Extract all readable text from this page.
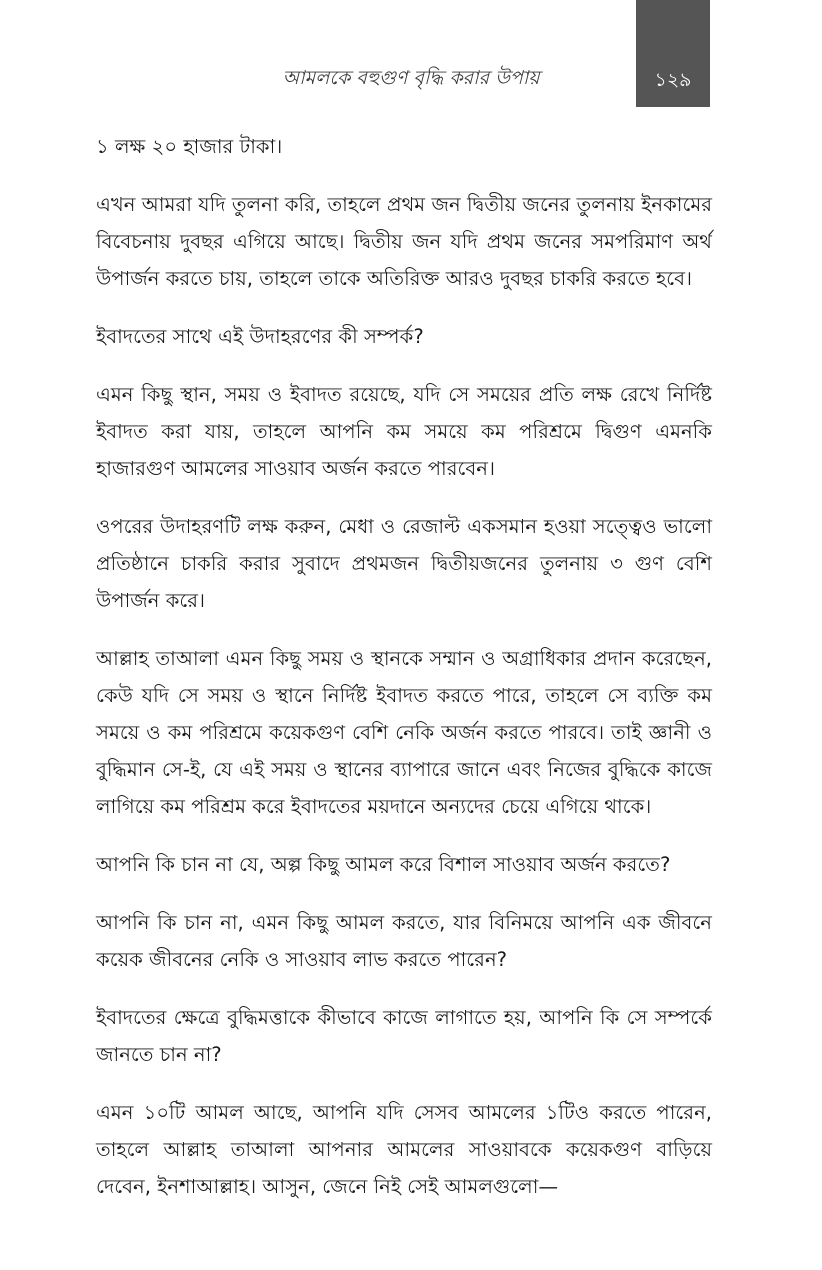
আমলকে বহুগুণ বৃদ্ধি করার উপায়	১২৯

১ লক্ষ ২০ হাজার টাকা।

এখন আমরা যদি তুলনা করি, তাহলে প্রথম জন দ্বিতীয় জনের তুলনায় ইনকামের বিবেচনায় দুবছর এগিয়ে আছে। দ্বিতীয় জন যদি প্রথম জনের সমপরিমাণ অর্থ উপার্জন করতে চায়, তাহলে তাকে অতিরিক্ত আরও দুবছর চাকরি করতে হবে।

ইবাদতের সাথে এই উদাহরণের কী সম্পর্ক?

এমন কিছু স্থান, সময় ও ইবাদত রয়েছে, যদি সে সময়ের প্রতি লক্ষ রেখে নির্দিষ্ট ইবাদত করা যায়, তাহলে আপনি কম সময়ে কম পরিশ্রমে দ্বিগুণ এমনকি হাজারগুণ আমলের সাওয়াব অর্জন করতে পারবেন।

ওপরের উদাহরণটি লক্ষ করুন, মেধা ও রেজাল্ট একসমান হওয়া সত্ত্বেও ভালো প্রতিষ্ঠানে চাকরি করার সুবাদে প্রথমজন দ্বিতীয়জনের তুলনায় ৩ গুণ বেশি উপার্জন করে।

আল্লাহ তাআলা এমন কিছু সময় ও স্থানকে সম্মান ও অগ্রাধিকার প্রদান করেছেন, কেউ যদি সে সময় ও স্থানে নির্দিষ্ট ইবাদত করতে পারে, তাহলে সে ব্যক্তি কম সময়ে ও কম পরিশ্রমে কয়েকগুণ বেশি নেকি অর্জন করতে পারবে। তাই জ্ঞানী ও বুদ্ধিমান সে-ই, যে এই সময় ও স্থানের ব্যাপারে জানে এবং নিজের বুদ্ধিকে কাজে লাগিয়ে কম পরিশ্রম করে ইবাদতের ময়দানে অন্যদের চেয়ে এগিয়ে থাকে।

আপনি কি চান না যে, অল্প কিছু আমল করে বিশাল সাওয়াব অর্জন করতে?

আপনি কি চান না, এমন কিছু আমল করতে, যার বিনিময়ে আপনি এক জীবনে কয়েক জীবনের নেকি ও সাওয়াব লাভ করতে পারেন?

ইবাদতের ক্ষেত্রে বুদ্ধিমত্তাকে কীভাবে কাজে লাগাতে হয়, আপনি কি সে সম্পর্কে জানতে চান না?

এমন ১০টি আমল আছে, আপনি যদি সেসব আমলের ১টিও করতে পারেন, তাহলে আল্লাহ তাআলা আপনার আমলের সাওয়াবকে কয়েকগুণ বাড়িয়ে দেবেন, ইনশাআল্লাহ। আসুন, জেনে নিই সেই আমলগুলো—
